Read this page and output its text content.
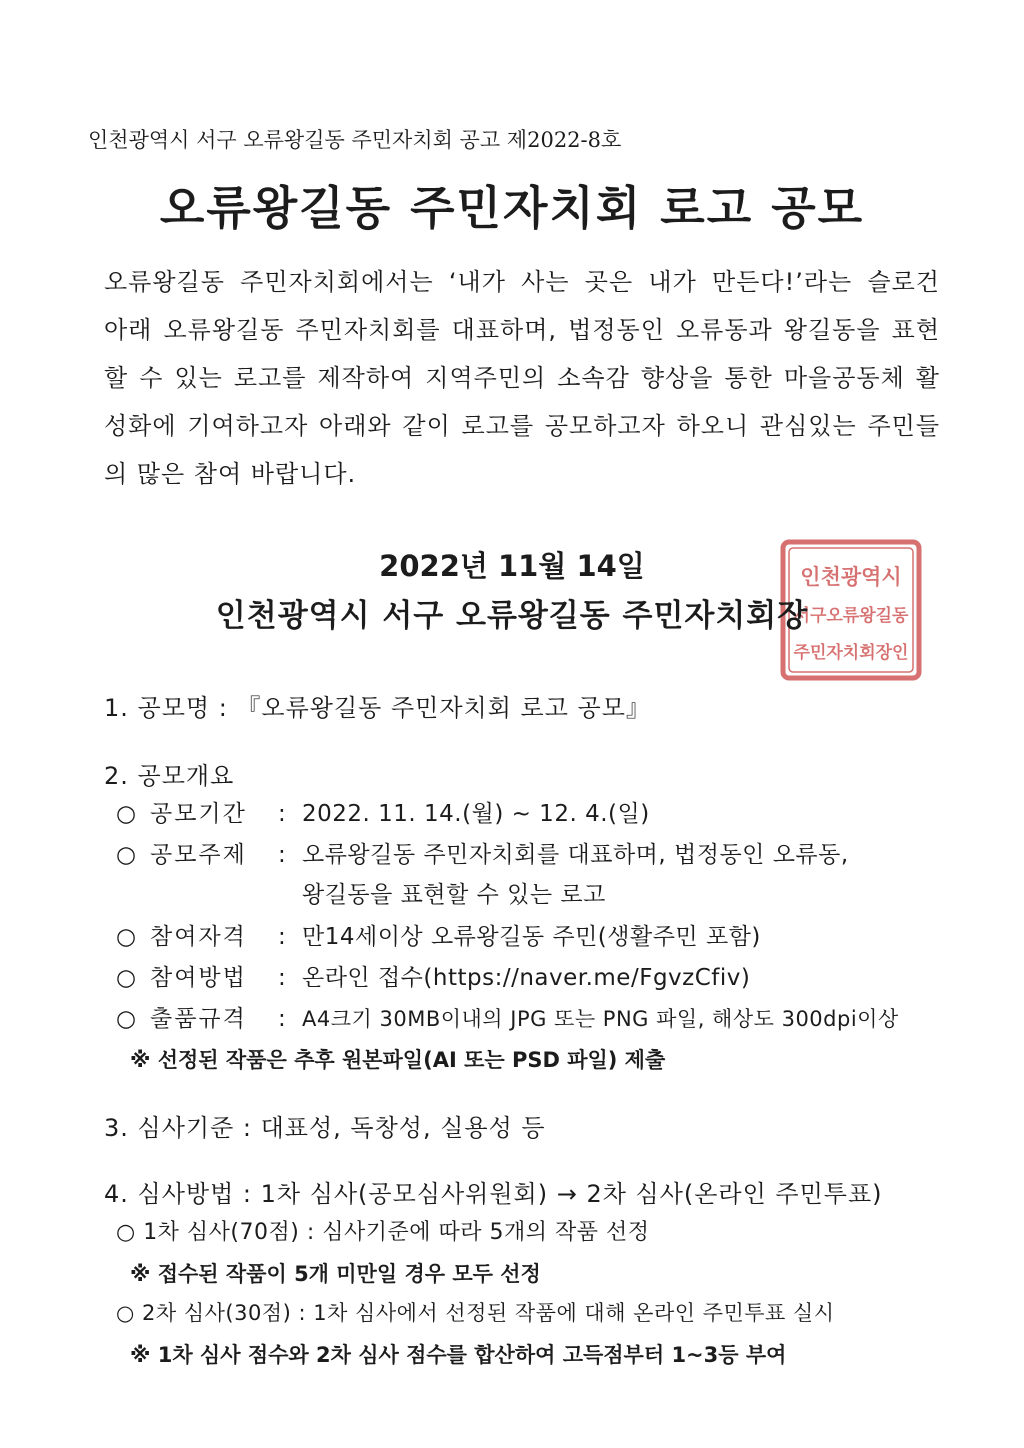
인천광역시 서구 오류왕길동 주민자치회 공고 제2022-8호
오류왕길동 주민자치회 로고 공모

오류왕길동 주민자치회에서는 ‘내가 사는 곳은 내가 만든다!’라는 슬로건

아래 오류왕길동 주민자치회를 대표하며, 법정동인 오류동과 왕길동을 표현

할 수 있는 로고를 제작하여 지역주민의 소속감 향상을 통한 마을공동체 활

성화에 기여하고자 아래와 같이 로고를 공모하고자 하오니 관심있는 주민들

의 많은 참여 바랍니다.

2022년 11월 14일	인천광역시
서구오류왕길동
주민자치회장인
인천광역시 서구 오류왕길동 주민자치회장
1. 공모명 : 『오류왕길동 주민자치회 로고 공모』
2. 공모개요
○ 공모기간 : 2022. 11. 14.(월) ~ 12. 4.(일)
○ 공모주제 : 오류왕길동 주민자치회를 대표하며, 법정동인 오류동,
왕길동을 표현할 수 있는 로고
○ 참여자격 : 만14세이상 오류왕길동 주민(생활주민 포함)
○ 참여방법 : 온라인 접수(https://naver.me/FgvzCfiv)
○ 출품규격 : A4크기 30MB이내의 JPG 또는 PNG 파일, 해상도 300dpi이상
※ 선정된 작품은 추후 원본파일(AI 또는 PSD 파일) 제출
3. 심사기준 : 대표성, 독창성, 실용성 등
4. 심사방법 : 1차 심사(공모심사위원회) → 2차 심사(온라인 주민투표)
○ 1차 심사(70점) : 심사기준에 따라 5개의 작품 선정
※ 접수된 작품이 5개 미만일 경우 모두 선정
○ 2차 심사(30점) : 1차 심사에서 선정된 작품에 대해 온라인 주민투표 실시
※ 1차 심사 점수와 2차 심사 점수를 합산하여 고득점부터 1~3등 부여
